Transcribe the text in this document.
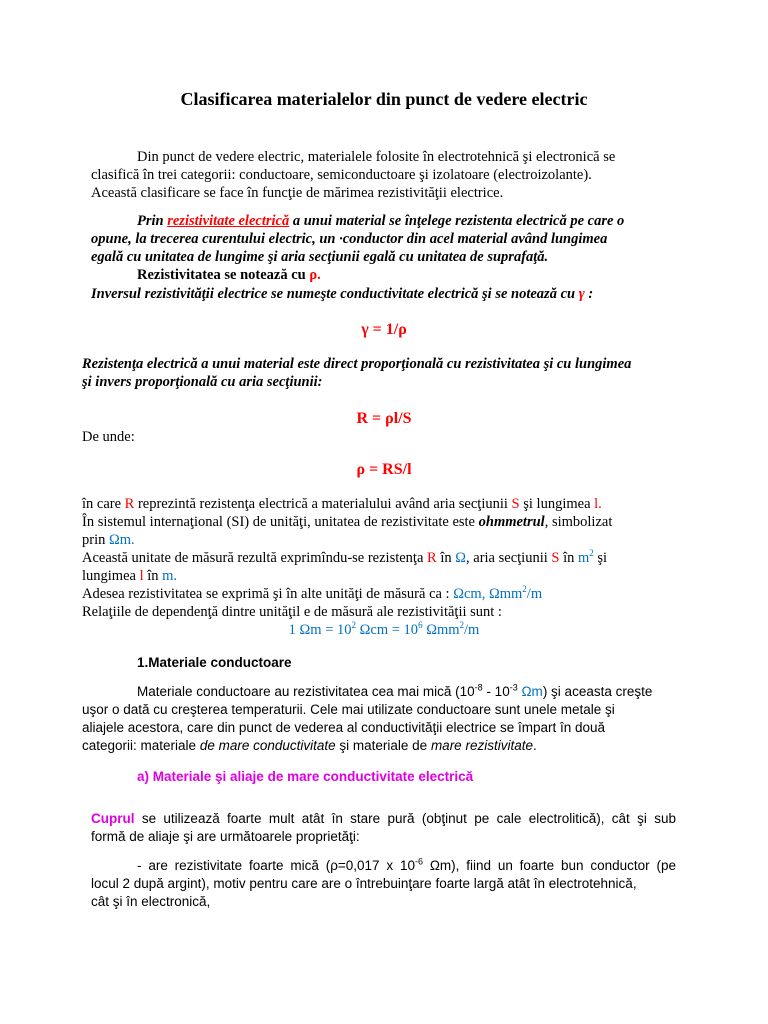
Clasificarea materialelor din punct de vedere electric
Din punct de vedere electric, materialele folosite în electrotehnică şi electronică se
clasifică în trei categorii: conductoare, semiconductoare şi izolatoare (electroizolante).
Această clasificare se face în funcţie de mărimea rezistivităţii electrice.
Prin rezistivitate electrică a unui material se înţelege rezistenta electrică pe care o
opune, la trecerea curentului electric, un ·conductor din acel material având lungimea
egală cu unitatea de lungime şi aria secţiunii egală cu unitatea de suprafaţă.
Rezistivitatea se notează cu ρ.
Inversul rezistivităţii electrice se numeşte conductivitate electrică şi se notează cu γ :
γ = 1/ρ
Rezistenţa electrică a unui material este direct proporţională cu rezistivitatea şi cu lungimea
şi invers proporţională cu aria secţiunii:
R = ρl/S
De unde:
ρ = RS/l
în care R reprezintă rezistenţa electrică a materialului având aria secţiunii S şi lungimea l.
În sistemul internaţional (SI) de unităţi, unitatea de rezistivitate este ohmmetrul, simbolizat
prin Ωm.
Această unitate de măsură rezultă exprimîndu-se rezistenţa R în Ω, aria secţiunii S în $m^2$ şi
lungimea l în m.
Adesea rezistivitatea se exprimă şi în alte unităţi de măsură ca : Ωcm, Ωmm$^2$/m
Relaţiile de dependenţă dintre unităţil e de măsură ale rezistivităţii sunt :
1 $\Omega m = 10^2$ $\Omega cm = 10^6$ Ωmm$^2$/m
1.Materiale conductoare
Materiale conductoare au rezistivitatea cea mai mică ($10^{-8} - 10^{-3}$ Ωm) şi aceasta creşte
uşor o dată cu creşterea temperaturii. Cele mai utilizate conductoare sunt unele metale şi
aliajele acestora, care din punct de vederea al conductivităţii electrice se împart în două
categorii: materiale de mare conductivitate şi materiale de mare rezistivitate.
a) Materiale şi aliaje de mare conductivitate electrică
Cuprul se utilizează foarte mult atât în stare pură (obţinut pe cale electrolitică), cât şi sub
formă de aliaje şi are următoarele proprietăţi:
- are rezistivitate foarte mică (ρ=0,017 x $10^{-6}$ Ωm), fiind un foarte bun conductor (pe
locul 2 după argint), motiv pentru care are o întrebuinţare foarte largă atât în electrotehnică,
cât şi în electronică,
